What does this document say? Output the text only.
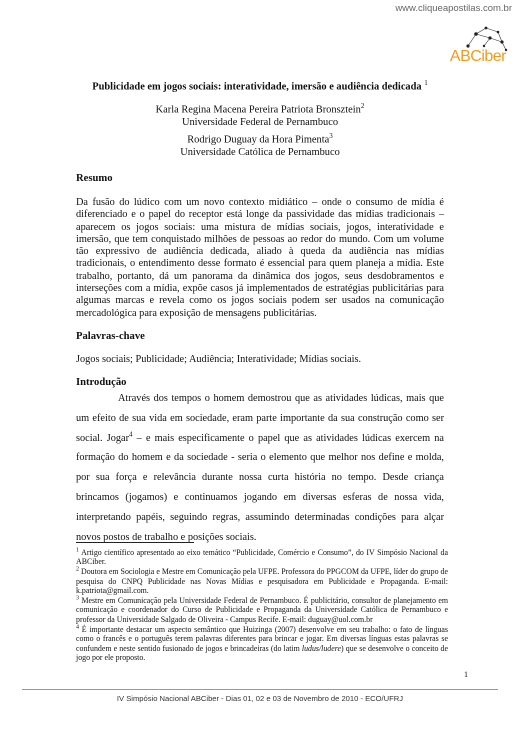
www.cliqueapostilas.com.br
ABCiber
Publicidade em jogos sociais: interatividade, imersão e audiência dedicada $^1$
Karla Regina Macena Pereira Patriota Bronsztein$^2$
Universidade Federal de Pernambuco
Rodrigo Duguay da Hora Pimenta$^3$
Universidade Católica de Pernambuco
Resumo

Da fusão do lúdico com um novo contexto midiático – onde o consumo de mídia é diferenciado e o papel do receptor está longe da passividade das mídias tradicionais – aparecem os jogos sociais: uma mistura de mídias sociais, jogos, interatividade e imersão, que tem conquistado milhões de pessoas ao redor do mundo. Com um volume tão expressivo de audiência dedicada, aliado à queda da audiência nas mídias tradicionais, o entendimento desse formato é essencial para quem planeja a mídia. Este trabalho, portanto, dá um panorama da dinâmica dos jogos, seus desdobramentos e interseções com a mídia, expõe casos já implementados de estratégias publicitárias para algumas marcas e revela como os jogos sociais podem ser usados na comunicação mercadológica para exposição de mensagens publicitárias.

Palavras-chave

Jogos sociais; Publicidade; Audiência; Interatividade; Mídias sociais.

Introdução

Através dos tempos o homem demostrou que as atividades lúdicas, mais que um efeito de sua vida em sociedade, eram parte importante da sua construção como ser social. Jogar$^4$ – e mais especificamente o papel que as atividades lúdicas exercem na formação do homem e da sociedade - seria o elemento que melhor nos define e molda, por sua força e relevância durante nossa curta história no tempo. Desde criança brincamos (jogamos) e continuamos jogando em diversas esferas de nossa vida, interpretando papéis, seguindo regras, assumindo determinadas condições para alçar novos postos de trabalho e posições sociais.

$^1$ Artigo científico apresentado ao eixo temático “Publicidade, Comércio e Consumo”, do IV Simpósio Nacional da ABCiber.

$^2$ Doutora em Sociologia e Mestre em Comunicação pela UFPE. Professora do PPGCOM da UFPE, líder do grupo de pesquisa do CNPQ Publicidade nas Novas Mídias e pesquisadora em Publicidade e Propaganda. E-mail: k.patriota@gmail.com.

$^3$ Mestre em Comunicação pela Universidade Federal de Pernambuco. É publicitário, consultor de planejamento em comunicação e coordenador do Curso de Publicidade e Propaganda da Universidade Católica de Pernambuco e professor da Universidade Salgado de Oliveira - Campus Recife. E-mail: duguay@uol.com.br

$^4$ É importante destacar um aspecto semântico que Huizinga (2007) desenvolve em seu trabalho: o fato de línguas como o francês e o português terem palavras diferentes para brincar e jogar. Em diversas línguas estas palavras se confundem e neste sentido fusionado de jogos e brincadeiras (do latim ludus/ludere) que se desenvolve o conceito de jogo por ele proposto.

1
IV Simpósio Nacional ABCiber - Dias 01, 02 e 03 de Novembro de 2010 - ECO/UFRJ
